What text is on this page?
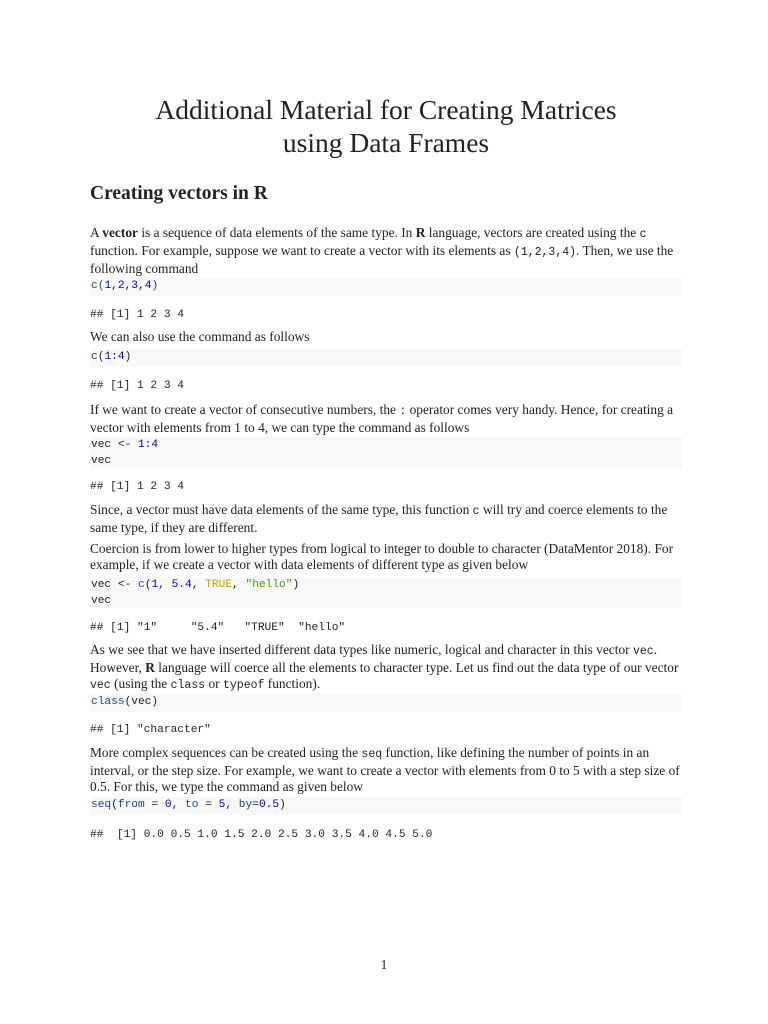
Additional Material for Creating Matrices
using Data Frames
Creating vectors in R

A vector is a sequence of data elements of the same type. In R language, vectors are created using the c function. For example, suppose we want to create a vector with its elements as (1,2,3,4). Then, we use the following command

c(1,2,3,4)
## [1] 1 2 3 4

We can also use the command as follows

c(1:4)
## [1] 1 2 3 4

If we want to create a vector of consecutive numbers, the : operator comes very handy. Hence, for creating a vector with elements from 1 to 4, we can type the command as follows

vec <- 1:4
vec
## [1] 1 2 3 4

Since, a vector must have data elements of the same type, this function c will try and coerce elements to the same type, if they are different.

Coercion is from lower to higher types from logical to integer to double to character (DataMentor 2018). For example, if we create a vector with data elements of different type as given below

vec <- c(1, 5.4, TRUE, "hello")
vec
## [1] "1"     "5.4"   "TRUE"  "hello"

As we see that we have inserted different data types like numeric, logical and character in this vector vec. However, R language will coerce all the elements to character type. Let us find out the data type of our vector vec (using the class or typeof function).

class(vec)
## [1] "character"

More complex sequences can be created using the seq function, like defining the number of points in an interval, or the step size. For example, we want to create a vector with elements from 0 to 5 with a step size of 0.5. For this, we type the command as given below

seq(from = 0, to = 5, by=0.5)
##  [1] 0.0 0.5 1.0 1.5 2.0 2.5 3.0 3.5 4.0 4.5 5.0
1
